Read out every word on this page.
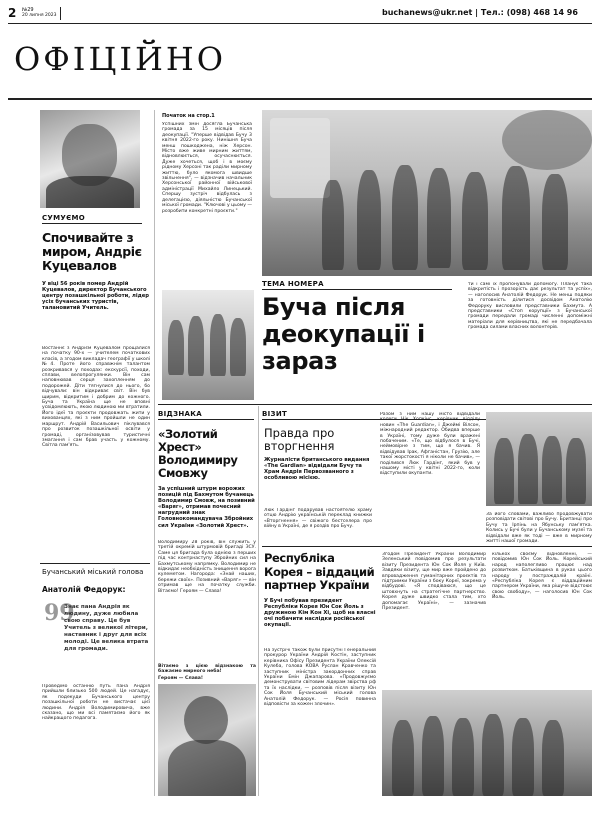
2 №29
20 липня 2023	buchanews@ukr.net | Тел.: (098) 468 14 96
ОФІЦІЙНО
СУМУЄМО
Спочивайте з миром, Андріє Куцевалов
У віці 56 років помер Андрій Куцевалов, директор Бучанського центру позашкільної роботи, лідер усіх бучанських туристів, талановитий Учитель.
Востаннє з Андрієм Куцевалом прощалися на початку 90-х — учителем початкових класів, а згодом викладач географії у школі №4. Проте його справжнім талантом розкривався у походах: екскурсії, походи, сплави, велопрогулянки. Він сам наповнював серця захопленням до подорожей. Діти тягнулися до нього, бо відчували: він відкриває світ. Він був щирим, відкритим і добрим до кожного. Бучa та Україна ще не вповні усвідомлюють, якою людиною ми втратили. Його ідеї та проєкти продовжать жити у вихованцях, які з ним пройшли не один маршрут. Андрій Васильович піклувався про розвиток позашкільної освіти у громаді, організовував туристичні змагання і сам брав участь у кожному. Світла пам'ять.
Бучанський міський голова
Анатолій Федорук:
99
Знає пана Андрія як людину, дуже любила свою справу. Це був Учитель з великої літери, наставник і друг для всіх молоді. Це велика втрата для громади.
Проведімо останню путь пана Андрія прийшли близько 500 людей. Це нагадує, як подекуди Бучанського центру позашкільної роботи не вистачає цієї людини. Андрія Володимировича, вже сказано, що ми всі памятаємо його як найкращого педагога.
Початок на стор.1
Успішних змін досягла Бучанська громада за 15 місяців після деокупації. "Уперше відвідав Бучу 3 квітня 2022-го року. Нинішня Буча менш пошкоджена, ніж Херсон. Місто вже живе мирним життям, відновлюється, осучаснюється. Дуже хочеться, щоб і в моєму рідному Херсоні так раділи мирному життю, було якомога швидше звільнення", — відзначив начальник Херсонської районної військової адміністрації Михайло Линецький. Спершу зустріч відбулась з делегацією, діяльністю Бучанської міської громади. "Ключові у цьому — розробити конкретні проєкти."
ТЕМА НОМЕРА
Буча після деокупації і зараз
ти і самі їх пропонували допомогу. Планує така відкритість і прозорість дає результат та успіх», — наголосив Анатолій Федорук. Не менш подяки за готовність ділитися досвідом Анатолію Федоруку висловили представники Бахмута. А представники «Стоп корупції» з Бучанської громади передали громаді численні допоміжні матеріали для керівництва, які не передбачала громада силами власних волонтерів.
ВІДЗНАКА
«Золотий Хрест» Володимиру Смовжу
За успішний штурм ворожих позицій під Бахмутом бучанець Володимир Смовж, на позивний «Варяг», отримав почесний нагрудний знак Головнокомандувача Збройних сил України «Золотий Хрест».
Володимиру 28 років, він служить у третій окремій штурмовій бригаді ЗСУ. Саме ця бригада була однією з перших під час контрнаступу Збройних сил на Бахмутському напрямку. Володимир не відкидає необхідність знищення ворога кулеметом. Нагорода: «Знай наших, бережи своїх». Позивний «Варяг» — він отримав ще на початку служби. Вітаємо! Героям — Слава!
Вітаємо з цією відзнакою та бажаємо мирного неба!
Героям — Слава!
ВІЗИТ
Правда про вторгнення
Журналісти британського видання «The Gardian» відвідали Бучу та Храм Андрія Первозванного з особливою місією.
Люк Гардінг подарував настоятелю храму отцю Андрію українській переклад книжки «Вторгнення» — свіжого бестселера про війну в Україні, де я роздів про Бучу.
Разом з ним нашу місто відвідали колеги Нік Хопкінс, керівник відділу новин «The Guardian», і Джеймі Вілсон, міжнародний редактор. Обидва вперше в Україні, тому дуже були вражені побаченим. «Те, що відбулося в Бучі, неймовірне з тим, що я бачив. Я відвідував Ірак, Афганістан, Грузію, але такої жорстокості я ніколи не бачив», — поділився Люк Гардінг, який був у нашому місті у квітні 2022-го, коли відступили окупанти.
За його словами, важливо продовжувати розповідати світові про Бучу. Британці про Бучу та Ірпінь на Ябунську пам'ятка. Колись у Бучі були у Бучанському музеї та відвідали вже як тоді — вже в мирному житті нашої громади.
Республіка Корея – віддаций партнер України
У Бучі побував президент Республіки Корея Юн Сок Йоль з дружиною Кім Кон Хі, щоб на власні очі побачити наслідки російської окупації.
На зустрічі також були присутні Генеральний прокурор України Андрій Костін, заступник керівника Офісу Президента України Олексій Кулеба, голова КОВА Руслан Кравченко та заступник міністра закордонних справ України Емін Джапарова. «Продовжуємо демонструвати світовим лідерам звірства рф та їх наслідки, — розповів після візиту Юн Сок Йоля Бучанський міський голова Анатолій Федорук. — Росія повинна відповісти за кожен злочин».
Згодом Президент України Володимир Зеленський повідомив про результати візиту Президента Юн Сок Йоля у Київ. Завдяки візиту, ще мир вже пройдено до впровадження гуманітарних проєктів та підтримки України з боку Кореї, зокрема у відбудові. «Я сподіваюся, що це штовхнуть на стратегічне партнерство. Корея дуже швидко стала тим, хто допомагає Україні», — зазначив Президент.
кількох своєму відновленні, — повідомив Юн Сок Йоль. Корейський народ наполегливо працює над розвитком. Батьківщина в руках цього народу у постраждалій країні. «Республіка Корея є віддаційним партнером України, яка рішуче відстоює свою свободу», — наголосив Юн Сок Йоль.
